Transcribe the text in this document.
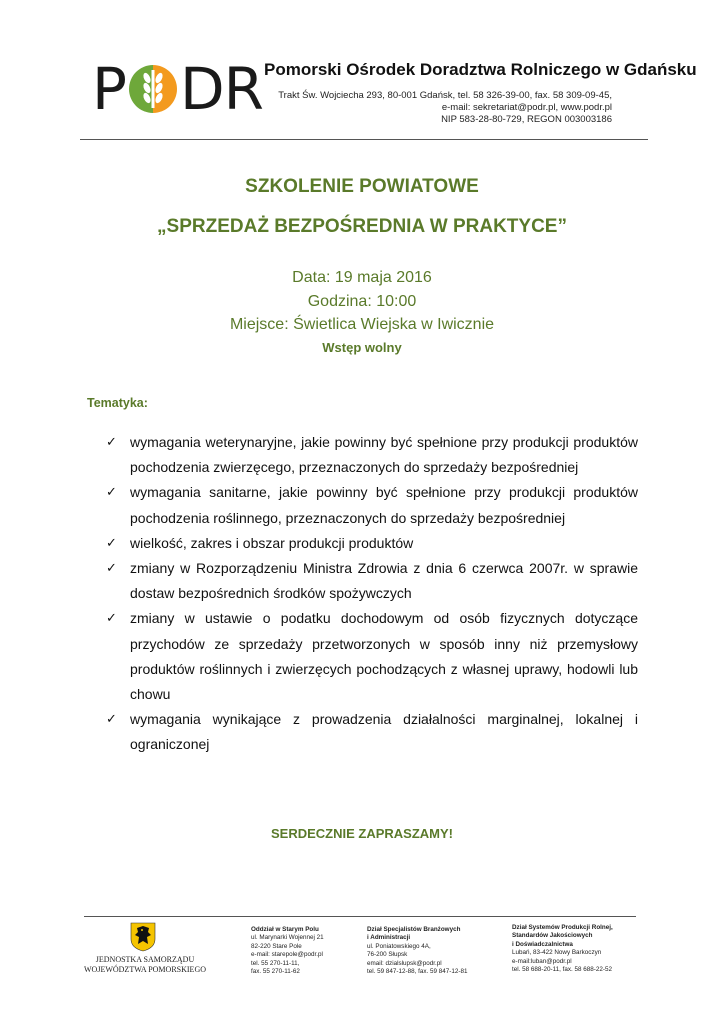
P D R Pomorski Ośrodek Doradztwa Rolniczego w Gdańsku
Trakt Św. Wojciecha 293, 80-001 Gdańsk, tel. 58 326-39-00, fax. 58 309-09-45,
e-mail: sekretariat@podr.pl, www.podr.pl
NIP 583-28-80-729, REGON 003003186
SZKOLENIE POWIATOWE
„SPRZEDAŻ BEZPOŚREDNIA W PRAKTYCE”
Data: 19 maja 2016
Godzina: 10:00
Miejsce: Świetlica Wiejska w Iwicznie
Wstęp wolny
Tematyka:
✓ wymagania weterynaryjne, jakie powinny być spełnione przy produkcji produktów pochodzenia zwierzęcego, przeznaczonych do sprzedaży bezpośredniej
✓ wymagania sanitarne, jakie powinny być spełnione przy produkcji produktów pochodzenia roślinnego, przeznaczonych do sprzedaży bezpośredniej
✓ wielkość, zakres i obszar produkcji produktów
✓ zmiany w Rozporządzeniu Ministra Zdrowia z dnia 6 czerwca 2007r. w sprawie dostaw bezpośrednich środków spożywczych
✓ zmiany w ustawie o podatku dochodowym od osób fizycznych dotyczące przychodów ze sprzedaży przetworzonych w sposób inny niż przemysłowy produktów roślinnych i zwierzęcych pochodzących z własnej uprawy, hodowli lub chowu
✓ wymagania wynikające z prowadzenia działalności marginalnej, lokalnej i ograniczonej
SERDECZNIE ZAPRASZAMY!
JEDNOSTKA SAMORZĄDU
WOJEWÓDZTWA POMORSKIEGO
Oddział w Starym Polu
ul. Marynarki Wojennej 21
82-220 Stare Pole
e-mail: starepole@podr.pl
tel. 55 270-11-11,
fax. 55 270-11-62
Dział Specjalistów Branżowych
i Administracji
ul. Poniatowskiego 4A,
76-200 Słupsk
email: dzialslupsk@podr.pl
tel. 59 847-12-88, fax. 59 847-12-81
Dział Systemów Produkcji Rolnej,
Standardów Jakościowych
i Doświadczalnictwa
Lubań, 83-422 Nowy Barkoczyn
e-mail:luban@podr.pl
tel. 58 688-20-11, fax. 58 688-22-52
